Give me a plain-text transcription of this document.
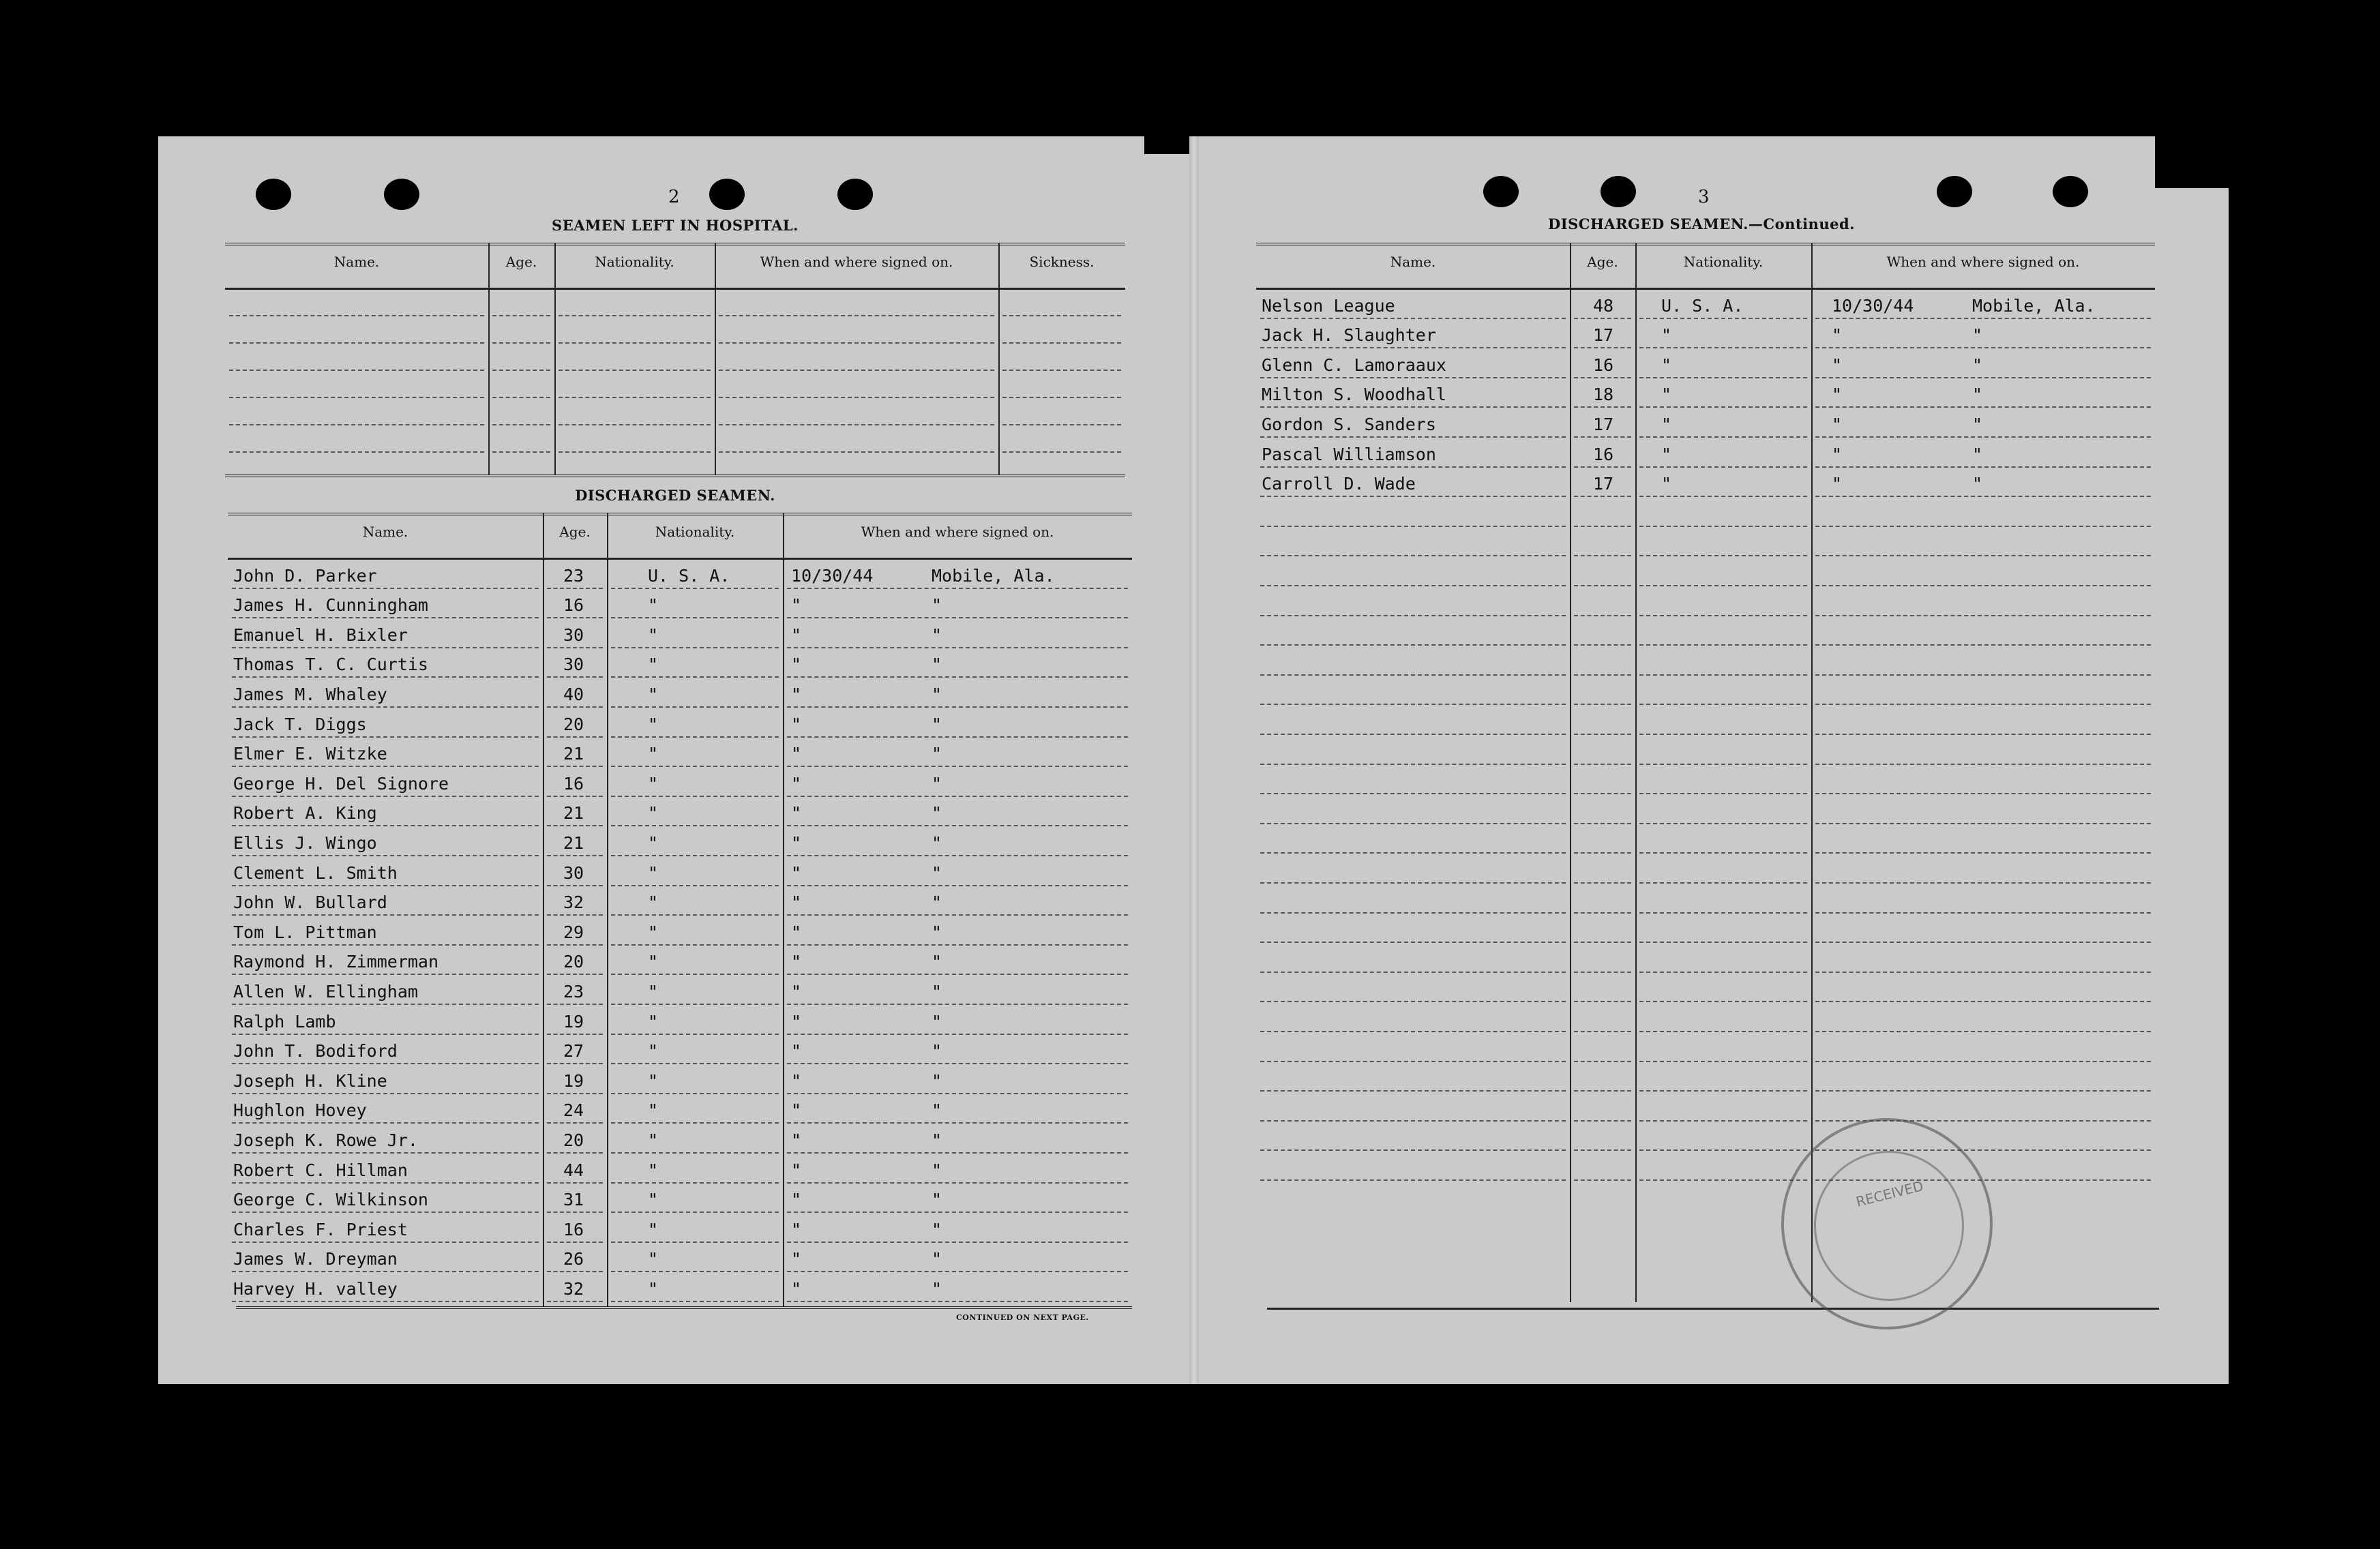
2
SEAMEN LEFT IN HOSPITAL.
Name.	Age.	Nationality.	When and where signed on.	Sickness.
DISCHARGED SEAMEN.
Name.	Age.	Nationality.	When and where signed on.
John D. Parker	23	U. S. A.	10/30/44	Mobile, Ala.
James H. Cunningham	16	"	"	"
Emanuel H. Bixler	30	"	"	"
Thomas T. C. Curtis	30	"	"	"
James M. Whaley	40	"	"	"
Jack T. Diggs	20	"	"	"
Elmer E. Witzke	21	"	"	"
George H. Del Signore	16	"	"	"
Robert A. King	21	"	"	"
Ellis J. Wingo	21	"	"	"
Clement L. Smith	30	"	"	"
John W. Bullard	32	"	"	"
Tom L. Pittman	29	"	"	"
Raymond H. Zimmerman	20	"	"	"
Allen W. Ellingham	23	"	"	"
Ralph Lamb	19	"	"	"
John T. Bodiford	27	"	"	"
Joseph H. Kline	19	"	"	"
Hughlon Hovey	24	"	"	"
Joseph K. Rowe Jr.	20	"	"	"
Robert C. Hillman	44	"	"	"
George C. Wilkinson	31	"	"	"
Charles F. Priest	16	"	"	"
James W. Dreyman	26	"	"	"
Harvey H. valley	32	"	"	"
CONTINUED ON NEXT PAGE.
3
DISCHARGED SEAMEN.—Continued.
Name.	Age.	Nationality.	When and where signed on.
Nelson League	48	U. S. A.	10/30/44	Mobile, Ala.
Jack H. Slaughter	17	"	"	"
Glenn C. Lamoraaux	16	"	"	"
Milton S. Woodhall	18	"	"	"
Gordon S. Sanders	17	"	"	"
Pascal Williamson	16	"	"	"
Carroll D. Wade	17	"	"	"
RECEIVED
